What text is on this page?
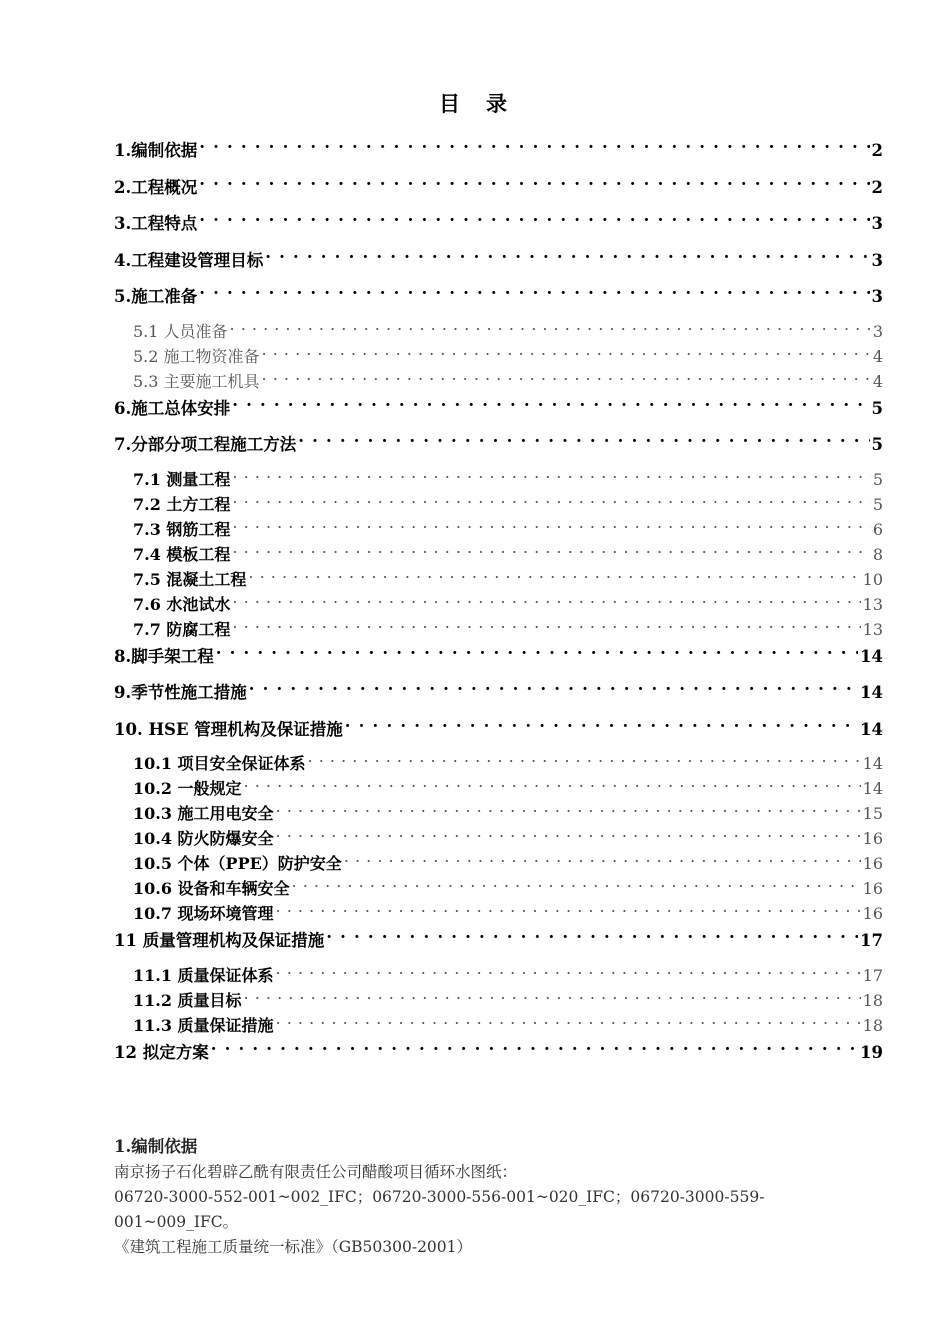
目 录
1.编制依据 . . .	2
2.工程概况 . . .	2
3.工程特点 . . .	3
4.工程建设管理目标 . . .	3
5.施工准备 . . .	3
5.1 人员准备 . . .	3
5.2 施工物资准备 . . .	4
5.3 主要施工机具 . . .	4
6.施工总体安排 . . .	5
7.分部分项工程施工方法 . . .	5
7.1 测量工程 . . .	5
7.2 土方工程 . . .	5
7.3 钢筋工程 . . .	6
7.4 模板工程 . . .	8
7.5 混凝土工程 . . .	10
7.6 水池试水 . . .	13
7.7 防腐工程 . . .	13
8.脚手架工程 . . .	14
9.季节性施工措施 . . .	14
10. HSE 管理机构及保证措施 . . .	14
10.1 项目安全保证体系 . . .	14
10.2 一般规定 . . .	14
10.3 施工用电安全 . . .	15
10.4 防火防爆安全 . . .	16
10.5 个体（PPE）防护安全 . . .	16
10.6 设备和车辆安全 . . .	16
10.7 现场环境管理 . . .	16
11 质量管理机构及保证措施 . . .	17
11.1 质量保证体系 . . .	17
11.2 质量目标 . . .	18
11.3 质量保证措施 . . .	18
12 拟定方案 . . .	19
1.编制依据

南京扬子石化碧辟乙酰有限责任公司醋酸项目循环水图纸：

06720-3000-552-001~002_IFC；06720-3000-556-001~020_IFC；06720-3000-559-

001~009_IFC。

《建筑工程施工质量统一标准》（GB50300-2001）
